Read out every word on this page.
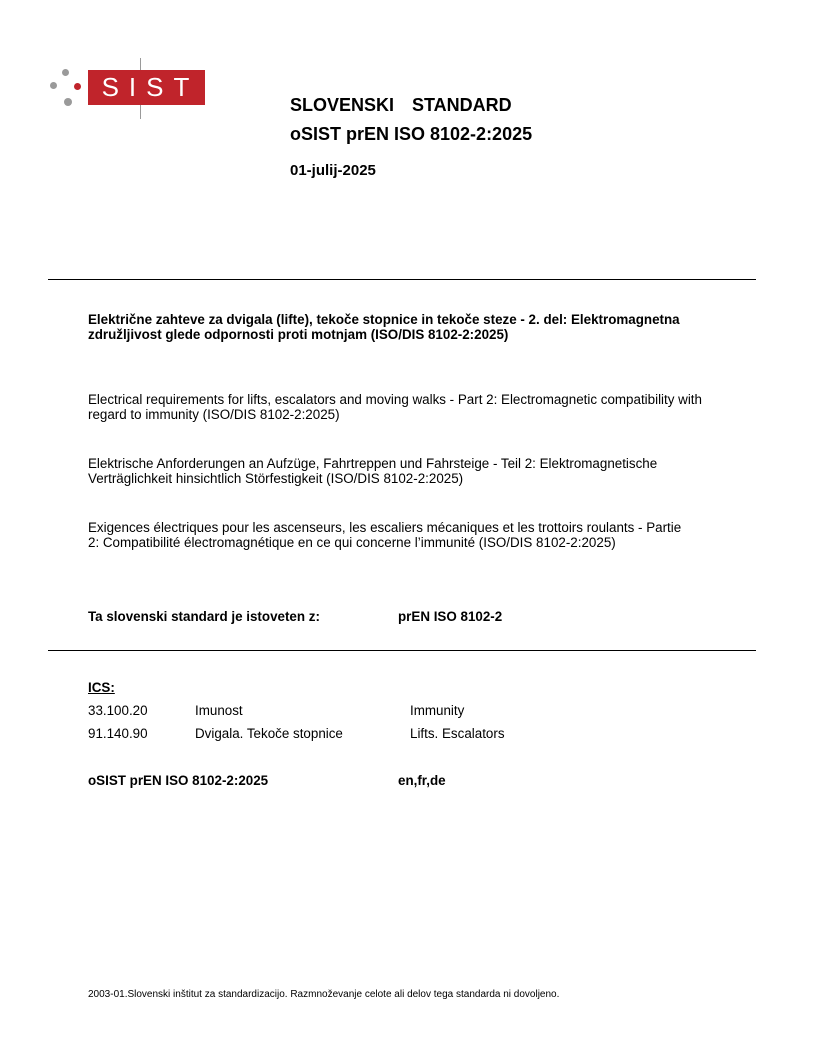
SIST
SLOVENSKI  STANDARD
oSIST prEN ISO 8102-2:2025
01-julij-2025
Električne zahteve za dvigala (lifte), tekoče stopnice in tekoče steze - 2. del: Elektromagnetna združljivost glede odpornosti proti motnjam (ISO/DIS 8102-2:2025)
Electrical requirements for lifts, escalators and moving walks - Part 2: Electromagnetic compatibility with regard to immunity (ISO/DIS 8102-2:2025)
Elektrische Anforderungen an Aufzüge, Fahrtreppen und Fahrsteige - Teil 2: Elektromagnetische Verträglichkeit hinsichtlich Störfestigkeit (ISO/DIS 8102-2:2025)
Exigences électriques pour les ascenseurs, les escaliers mécaniques et les trottoirs roulants - Partie 2: Compatibilité électromagnétique en ce qui concerne l’immunité (ISO/DIS 8102-2:2025)
Ta slovenski standard je istoveten z:	prEN ISO 8102-2
ICS:
33.100.20	Imunost	Immunity
91.140.90	Dvigala. Tekoče stopnice	Lifts. Escalators
oSIST prEN ISO 8102-2:2025	en,fr,de
2003-01.Slovenski inštitut za standardizacijo. Razmnoževanje celote ali delov tega standarda ni dovoljeno.
